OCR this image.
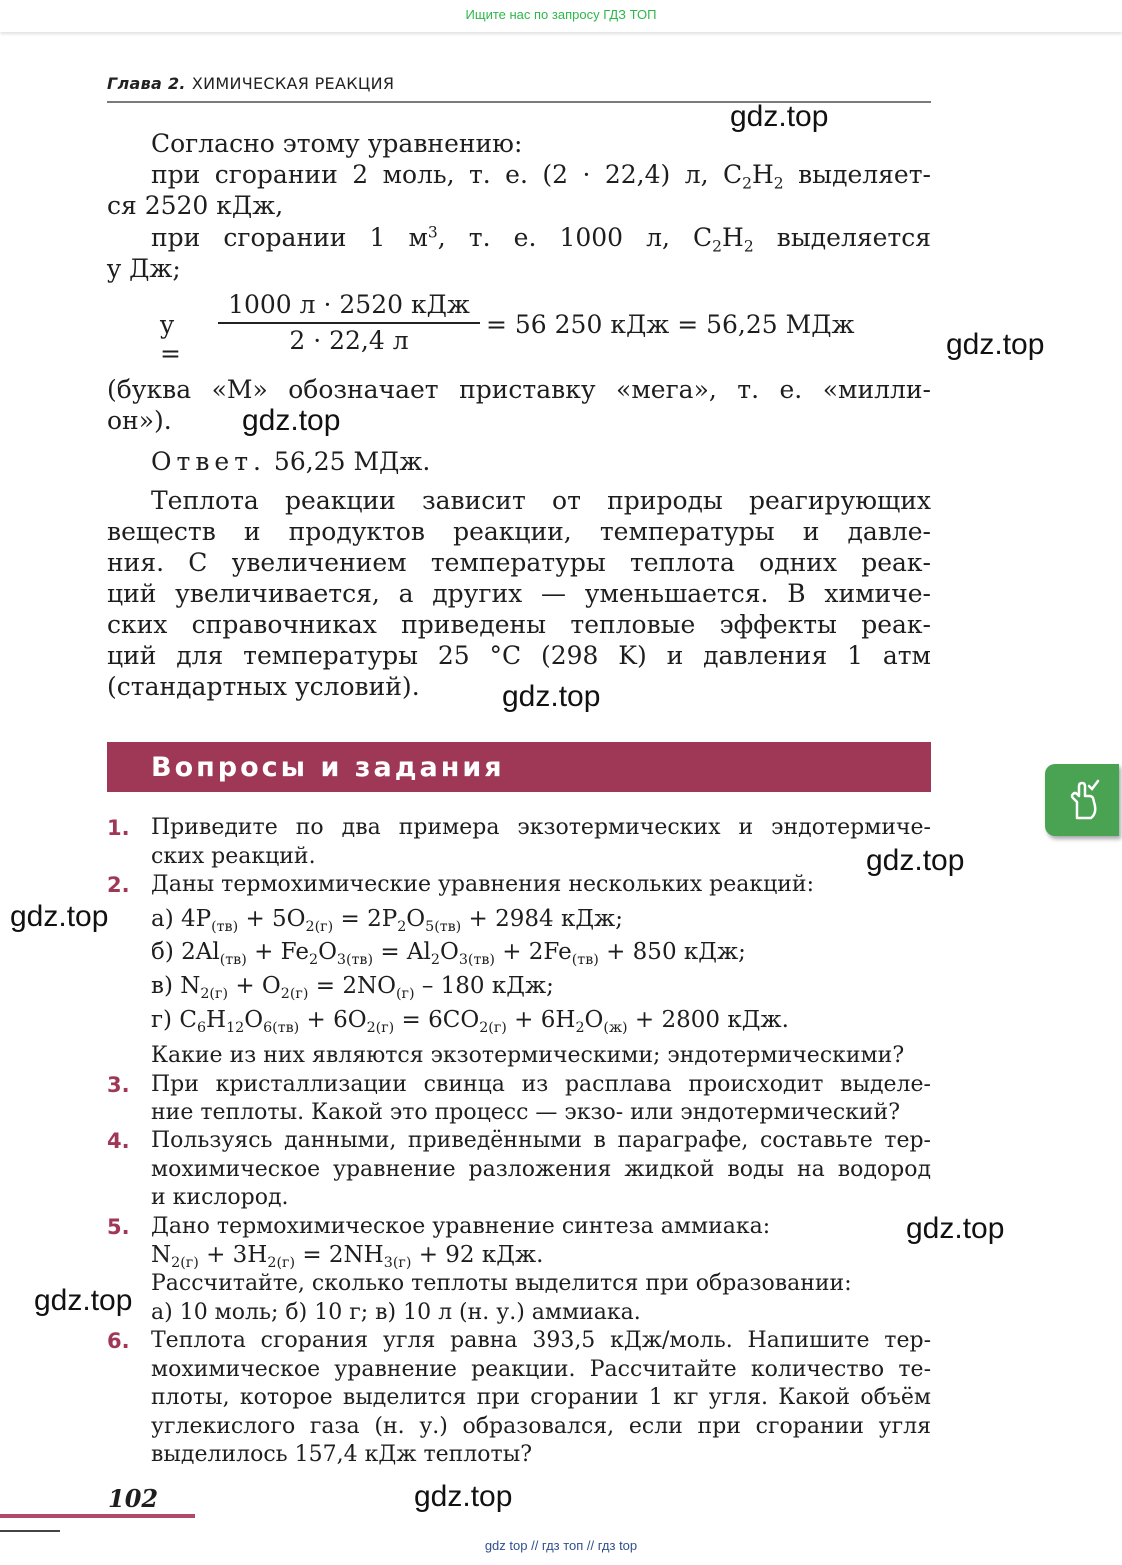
Ищите нас по запросу ГДЗ ТОП
Глава 2. ХИМИЧЕСКАЯ РЕАКЦИЯ
Согласно этому уравнению:
при сгорании 2 моль, т. е. (2 · 22,4) л, $C_2H_2$ выделяет-
ся 2520 кДж,
при сгорании 1 $м^3$, т. е. 1000 л, $C_2H_2$ выделяется
y Дж;
y =
1000 л · 2520 кДж
2 · 22,4 л
= 56 250 кДж = 56,25 МДж
(буква «М» обозначает приставку «мега», т. е. «милли-
он»).
Ответ. 56,25 МДж.
Теплота реакции зависит от природы реагирующих
веществ и продуктов реакции, температуры и давле-
ния. С увеличением температуры теплота одних реак-
ций увеличивается, а других — уменьшается. В химиче-
ских справочниках приведены тепловые эффекты реак-
ций для температуры 25 °C (298 K) и давления 1 атм
(стандартных условий).
Вопросы и задания
1. Приведите по два примера экзотермических и эндотермиче-
ских реакций.
2. Даны термохимические уравнения нескольких реакций:
а) $4P_{(тв)} + 5O_{2(г)} = 2P_2O_{5(тв)} + 2984$ кДж;
б) $2Al_{(тв)} + Fe_2O_{3(тв)} = Al_2O_{3(тв)} + 2Fe_{(тв)} + 850$ кДж;
в) $N_{2(г)} + O_{2(г)} = 2NO_{(г)} - 180$ кДж;
г) $C_6H_{12}O_{6(тв)} + 6O_{2(г)} = 6CO_{2(г)} + 6H_2O_{(ж)} + 2800$ кДж.
Какие из них являются экзотермическими; эндотермическими?
3. При кристаллизации свинца из расплава происходит выделе-
ние теплоты. Какой это процесс — экзо- или эндотермический?
4. Пользуясь данными, приведёнными в параграфе, составьте тер-
мохимическое уравнение разложения жидкой воды на водород
и кислород.
5. Дано термохимическое уравнение синтеза аммиака:
$N_{2(г)} + 3H_{2(г)} = 2NH_{3(г)} + 92$ кДж.
Рассчитайте, сколько теплоты выделится при образовании:
а) 10 моль; б) 10 г; в) 10 л (н. у.) аммиака.
6. Теплота сгорания угля равна 393,5 кДж/моль. Напишите тер-
мохимическое уравнение реакции. Рассчитайте количество те-
плоты, которое выделится при сгорании 1 кг угля. Какой объём
углекислого газа (н. у.) образовался, если при сгорании угля
выделилось 157,4 кДж теплоты?
gdz.top
gdz.top
gdz.top
gdz.top
gdz.top
gdz.top
gdz.top
gdz.top
gdz.top
102
gdz top // гдз топ // гдз top
